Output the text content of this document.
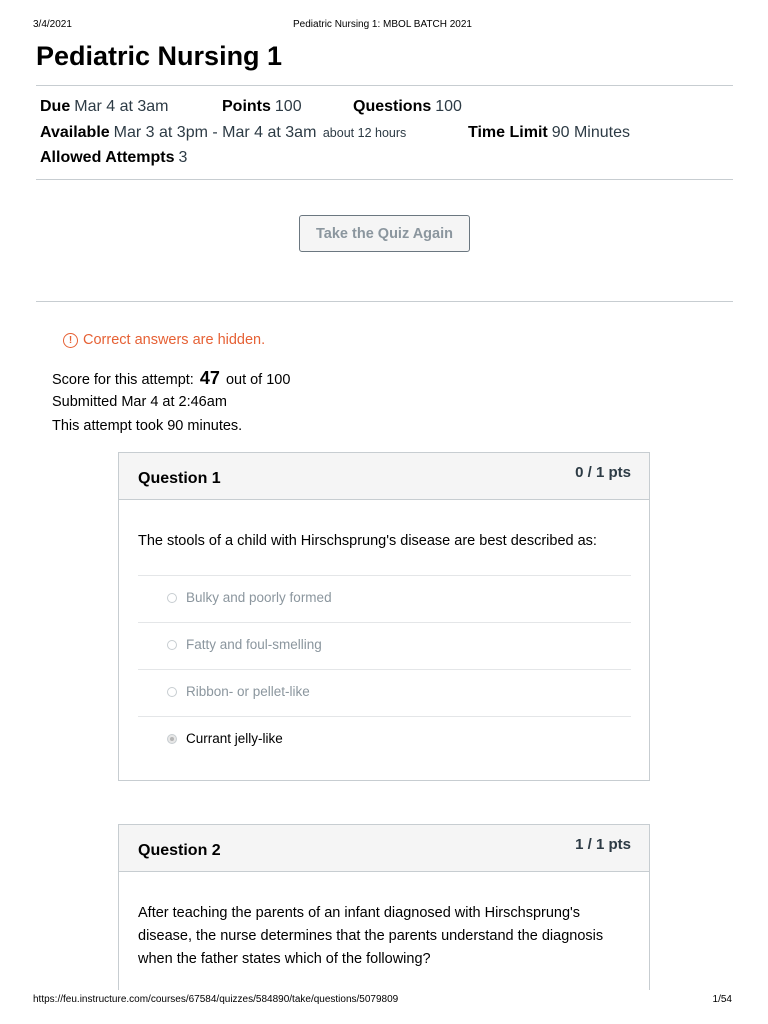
3/4/2021	Pediatric Nursing 1: MBOL BATCH 2021
Pediatric Nursing 1
Due Mar 4 at 3am	Points 100	Questions 100
Available Mar 3 at 3pm - Mar 4 at 3am about 12 hours	Time Limit 90 Minutes
Allowed Attempts 3
Take the Quiz Again
! Correct answers are hidden.
Score for this attempt: 47 out of 100
Submitted Mar 4 at 2:46am
This attempt took 90 minutes.
Question 1	0 / 1 pts
The stools of a child with Hirschsprung's disease are best described as:
Bulky and poorly formed
Fatty and foul-smelling
Ribbon- or pellet-like
Currant jelly-like
Question 2	1 / 1 pts
After teaching the parents of an infant diagnosed with Hirschsprung's disease, the nurse determines that the parents understand the diagnosis when the father states which of the following?
https://feu.instructure.com/courses/67584/quizzes/584890/take/questions/5079809	1/54
